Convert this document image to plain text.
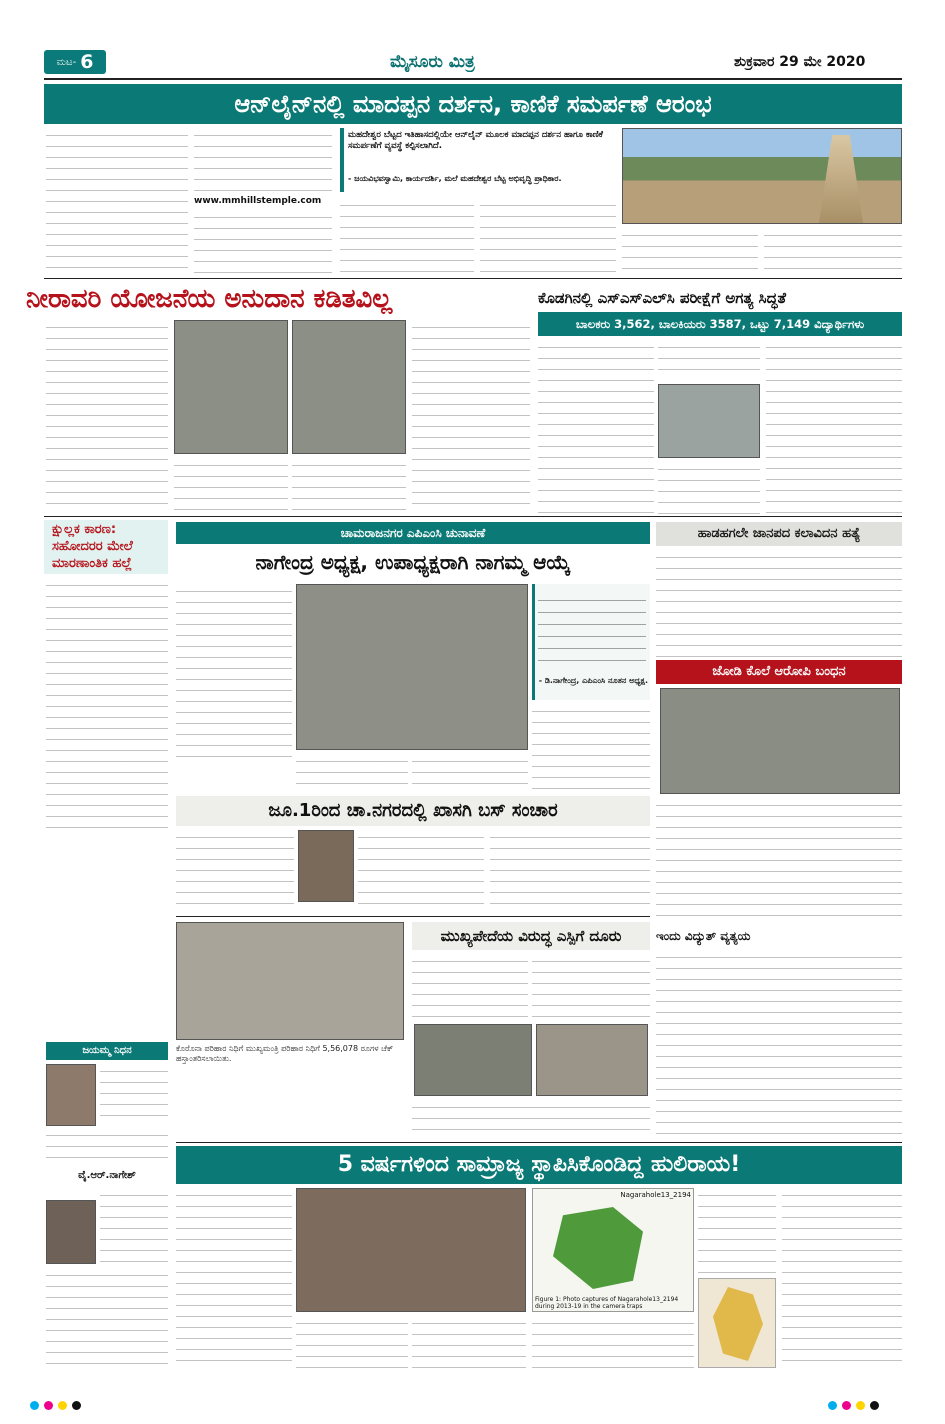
ಮಟ- 6	ಮೈಸೂರು ಮಿತ್ರ	ಶುಕ್ರವಾರ 29 ಮೇ 2020
ಆನ್‌ಲೈನ್‌ನಲ್ಲಿ ಮಾದಪ್ಪನ ದರ್ಶನ, ಕಾಣಿಕೆ ಸಮರ್ಪಣೆ ಆರಂಭ
www.mmhillstemple.com
ಮಹದೇಶ್ವರ ಬೆಟ್ಟದ ಇತಿಹಾಸದಲ್ಲಿಯೇ ಆನ್‌ಲೈನ್ ಮೂಲಕ ಮಾದಪ್ಪನ ದರ್ಶನ ಹಾಗೂ ಕಾಣಿಕೆ ಸಮರ್ಪಣೆಗೆ ವ್ಯವಸ್ಥೆ ಕಲ್ಪಿಸಲಾಗಿದೆ.
- ಜಯವಿಭವಸ್ವಾಮಿ, ಕಾರ್ಯದರ್ಶಿ, ಮಲೆ ಮಹದೇಶ್ವರ ಬೆಟ್ಟ ಅಭಿವೃದ್ಧಿ ಪ್ರಾಧಿಕಾರ.
ನೀರಾವರಿ ಯೋಜನೆಯ ಅನುದಾನ ಕಡಿತವಿಲ್ಲ	ಕೊಡಗಿನಲ್ಲಿ ಎಸ್‌ಎಸ್‌ಎಲ್‌ಸಿ ಪರೀಕ್ಷೆಗೆ ಅಗತ್ಯ ಸಿದ್ಧತೆ
ಬಾಲಕರು 3,562, ಬಾಲಕಿಯರು 3587, ಒಟ್ಟು 7,149 ವಿದ್ಯಾರ್ಥಿಗಳು
ಕ್ಷುಲ್ಲಕ ಕಾರಣ:
ಸಹೋದರರ ಮೇಲೆ ಮಾರಣಾಂತಿಕ ಹಲ್ಲೆ
ಚಾಮರಾಜನಗರ ಎಪಿಎಂಸಿ ಚುನಾವಣೆ
ನಾಗೇಂದ್ರ ಅಧ್ಯಕ್ಷ, ಉಪಾಧ್ಯಕ್ಷರಾಗಿ ನಾಗಮ್ಮ ಆಯ್ಕೆ
- ಡಿ.ನಾಗೇಂದ್ರ, ಎಪಿಎಂಸಿ ನೂತನ ಅಧ್ಯಕ್ಷ.
ಹಾಡಹಗಲೇ ಜಾನಪದ ಕಲಾವಿದನ ಹತ್ಯೆ
ಜೋಡಿ ಕೊಲೆ ಆರೋಪಿ ಬಂಧನ
ಜೂ.1ರಿಂದ ಚಾ.ನಗರದಲ್ಲಿ ಖಾಸಗಿ ಬಸ್ ಸಂಚಾರ
ಜಯಮ್ಮ ನಿಧನ
ವೈ.ಆರ್.ನಾಗೇಶ್
ಕೊರೊನಾ ಪರಿಹಾರ ನಿಧಿಗೆ ಮುಖ್ಯಮಂತ್ರಿ ಪರಿಹಾರ ನಿಧಿಗೆ 5,56,078 ರೂಗಳ ಚೆಕ್ ಹಸ್ತಾಂತರಿಸಲಾಯಿತು.
ಮುಖ್ಯಪೇದೆಯ ವಿರುದ್ಧ ಎಸ್ಪಿಗೆ ದೂರು	ಇಂದು ವಿದ್ಯುತ್ ವ್ಯತ್ಯಯ
5 ವರ್ಷಗಳಿಂದ ಸಾಮ್ರಾಜ್ಯ ಸ್ಥಾಪಿಸಿಕೊಂಡಿದ್ದ ಹುಲಿರಾಯ!
Nagarahole13_2194
Figure 1: Photo captures of Nagarahole13_2194 during 2013-19 in the camera traps
